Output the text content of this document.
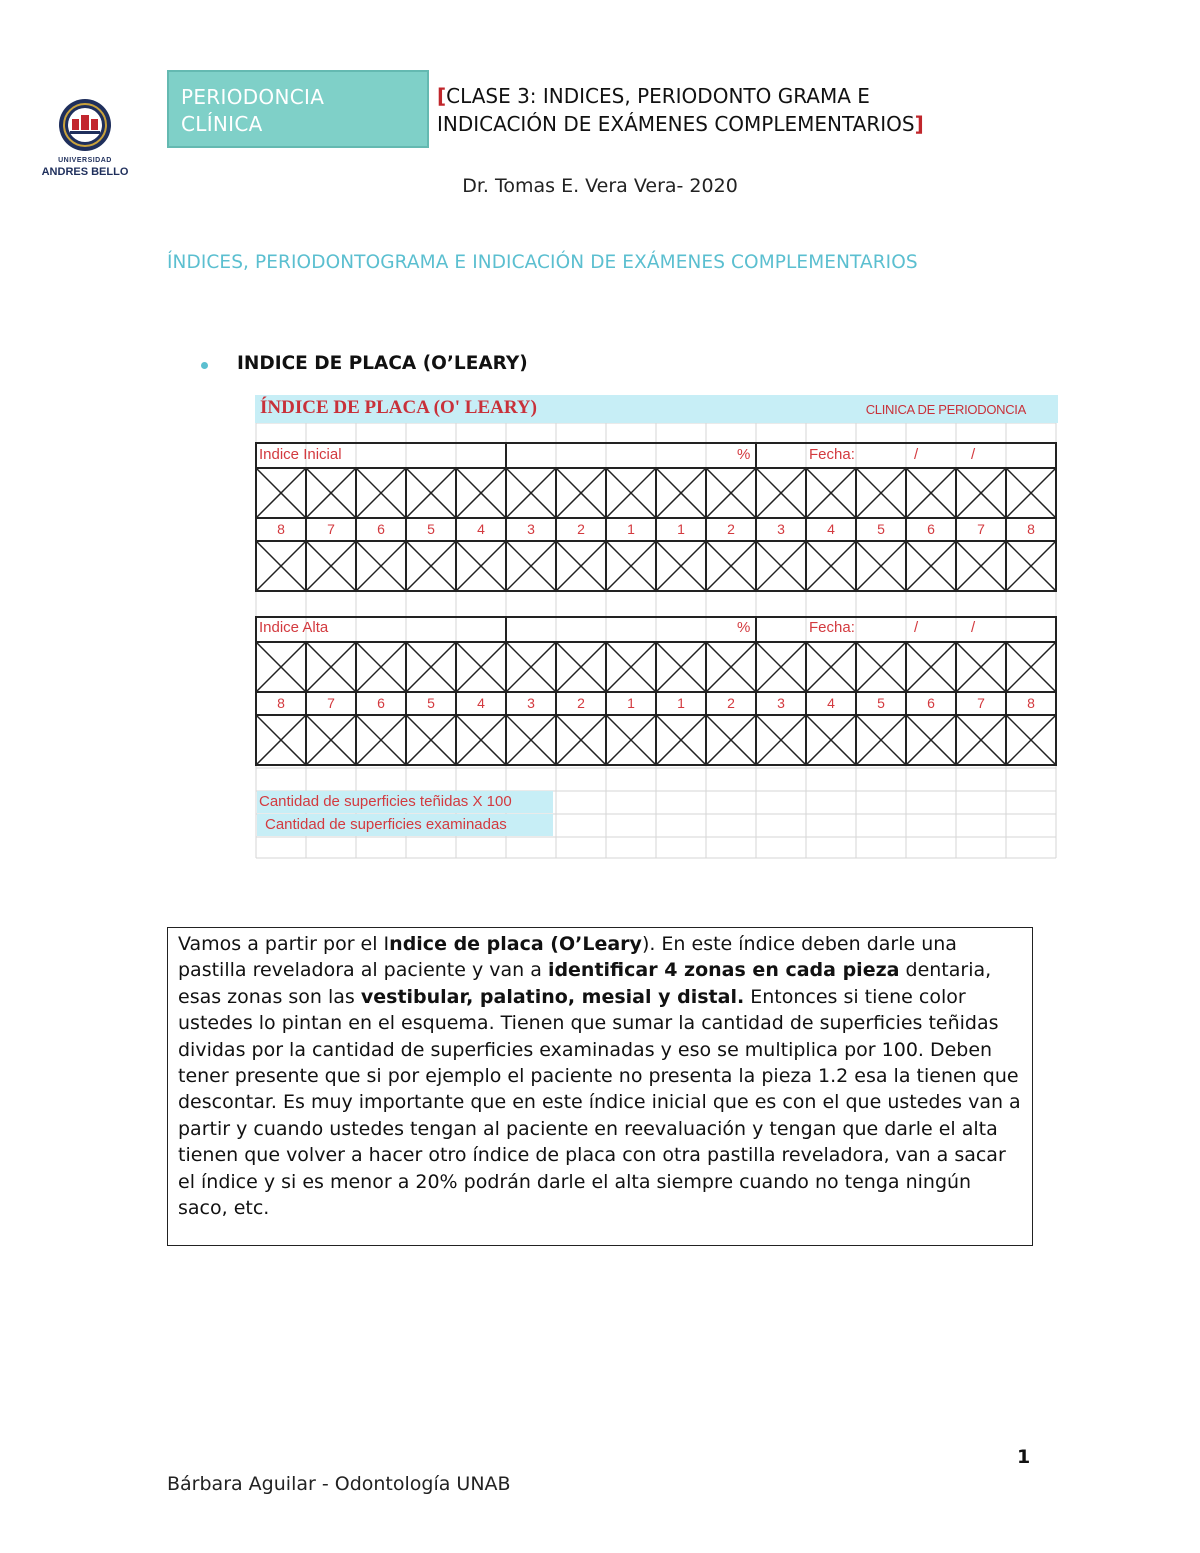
UNIVERSIDAD
ANDRES BELLO
PERIODONCIA
CLÍNICA
[CLASE 3: INDICES, PERIODONTO GRAMA E
INDICACIÓN DE EXÁMENES COMPLEMENTARIOS]
Dr. Tomas E. Vera Vera- 2020
ÍNDICES, PERIODONTOGRAMA E INDICACIÓN DE EXÁMENES COMPLEMENTARIOS
INDICE DE PLACA (O’LEARY)
ÍNDICE DE PLACA (O' LEARY)	CLINICA DE PERIODONCIA
Indice Inicial	%	Fecha:	/	/
Indice Alta	%	Fecha:	/	/
8	7	6	5	4	3	2	1	1	2	3	4	5	6	7	8
8	7	6	5	4	3	2	1	1	2	3	4	5	6	7	8
Cantidad de superficies teñidas X 100
Cantidad de superficies examinadas

Vamos a partir por el Indice de placa (O’Leary). En este índice deben darle una pastilla reveladora al paciente y van a identificar 4 zonas en cada pieza dentaria, esas zonas son las vestibular, palatino, mesial y distal. Entonces si tiene color ustedes lo pintan en el esquema. Tienen que sumar la cantidad de superficies teñidas dividas por la cantidad de superficies examinadas y eso se multiplica por 100. Deben tener presente que si por ejemplo el paciente no presenta la pieza 1.2 esa la tienen que descontar. Es muy importante que en este índice inicial que es con el que ustedes van a partir y cuando ustedes tengan al paciente en reevaluación y tengan que darle el alta tienen que volver a hacer otro índice de placa con otra pastilla reveladora, van a sacar el índice y si es menor a 20% podrán darle el alta siempre cuando no tenga ningún saco, etc.

1
Bárbara Aguilar - Odontología UNAB
